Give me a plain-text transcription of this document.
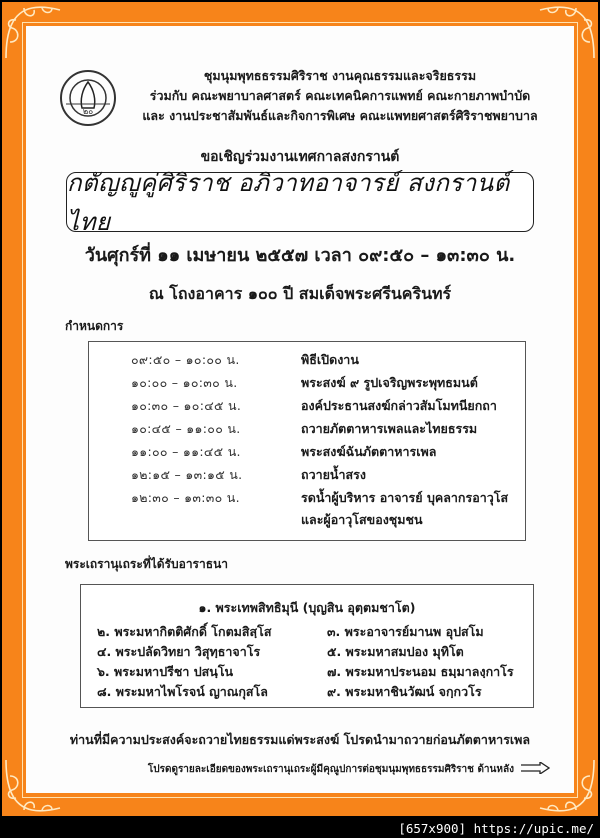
๒๐
ชุมนุมพุทธธรรมศิริราช งานคุณธรรมและจริยธรรม
ร่วมกับ คณะพยาบาลศาสตร์ คณะเทคนิคการแพทย์ คณะกายภาพบำบัด
และ งานประชาสัมพันธ์และกิจการพิเศษ คณะแพทยศาสตร์ศิริราชพยาบาล
ขอเชิญร่วมงานเทศกาลสงกรานต์
กตัญญูคู่ศิริราช อภิวาทอาจารย์ สงกรานต์ไทย
วันศุกร์ที่ ๑๑ เมษายน ๒๕๕๗ เวลา ๐๙:๕๐ – ๑๓:๓๐ น.
ณ โถงอาคาร ๑๐๐ ปี สมเด็จพระศรีนครินทร์
กำหนดการ
๐๙:๕๐ – ๑๐:๐๐ น.	พิธีเปิดงาน
๑๐:๐๐ – ๑๐:๓๐ น.	พระสงฆ์ ๙ รูปเจริญพระพุทธมนต์
๑๐:๓๐ – ๑๐:๔๕ น.	องค์ประธานสงฆ์กล่าวสัมโมทนียกถา
๑๐:๔๕ – ๑๑:๐๐ น.	ถวายภัตตาหารเพลและไทยธรรม
๑๑:๐๐ – ๑๑:๔๕ น.	พระสงฆ์ฉันภัตตาหารเพล
๑๒:๑๕ – ๑๓:๑๕ น.	ถวายน้ำสรง
๑๒:๓๐ – ๑๓:๓๐ น.	รดน้ำผู้บริหาร อาจารย์ บุคลากรอาวุโส
และผู้อาวุโสของชุมชน
พระเถรานุเถระที่ได้รับอาราธนา
๑. พระเทพสิทธิมุนี (บุญสิน อุตฺตมชาโต)
๒. พระมหากิตติศักดิ์ โกตมสิสฺโส	๓. พระอาจารย์มานพ อุปสโม
๔. พระปลัดวิทยา วิสุทฺธาจาโร	๕. พระมหาสมปอง มุทิโต
๖. พระมหาปรีชา ปสนฺโน	๗. พระมหาประนอม ธมฺมาลงฺกาโร
๘. พระมหาไพโรจน์ ญาณกุสโล	๙. พระมหาชินวัฒน์ จกฺกวโร
ท่านที่มีความประสงค์จะถวายไทยธรรมแด่พระสงฆ์ โปรดนำมาถวายก่อนภัตตาหารเพล
โปรดดูรายละเอียดของพระเถรานุเถระผู้มีคุณูปการต่อชุมนุมพุทธธรรมศิริราช ด้านหลัง
[657x900] https://upic.me/
